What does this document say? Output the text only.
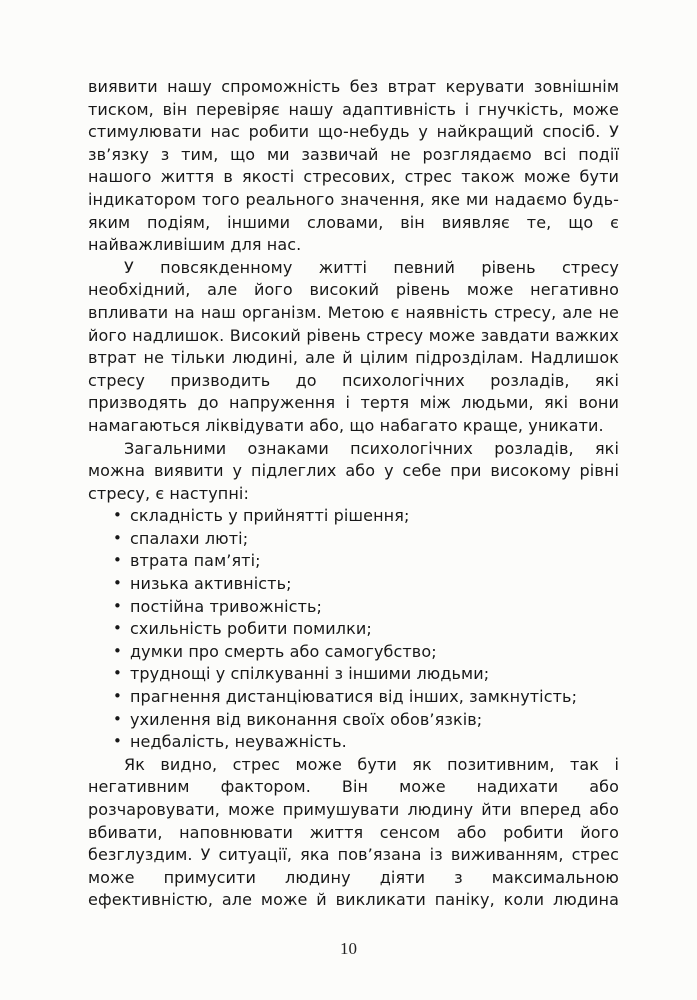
виявити нашу спроможність без втрат керувати зовнішнім
тиском, він перевіряє нашу адаптивність і гнучкість, може
стимулювати нас робити що-небудь у найкращий спосіб. У
зв’язку з тим, що ми зазвичай не розглядаємо всі події
нашого життя в якості стресових, стрес також може бути
індикатором того реального значення, яке ми надаємо будь-
яким подіям, іншими словами, він виявляє те, що є
найважливішим для нас.
У повсякденному житті певний рівень стресу
необхідний, але його високий рівень може негативно
впливати на наш організм. Метою є наявність стресу, але не
його надлишок. Високий рівень стресу може завдати важких
втрат не тільки людині, але й цілим підрозділам. Надлишок
стресу призводить до психологічних розладів, які
призводять до напруження і тертя між людьми, які вони
намагаються ліквідувати або, що набагато краще, уникати.
Загальними ознаками психологічних розладів, які
можна виявити у підлеглих або у себе при високому рівні
стресу, є наступні:
• складність у прийнятті рішення;
• спалахи люті;
• втрата пам’яті;
• низька активність;
• постійна тривожність;
• схильність робити помилки;
• думки про смерть або самогубство;
• труднощі у спілкуванні з іншими людьми;
• прагнення дистанціюватися від інших, замкнутість;
• ухилення від виконання своїх обов’язків;
• недбалість, неуважність.
Як видно, стрес може бути як позитивним, так і
негативним фактором. Він може надихати або
розчаровувати, може примушувати людину йти вперед або
вбивати, наповнювати життя сенсом або робити його
безглуздим. У ситуації, яка пов’язана із виживанням, стрес
може примусити людину діяти з максимальною
ефективністю, але може й викликати паніку, коли людина
10
